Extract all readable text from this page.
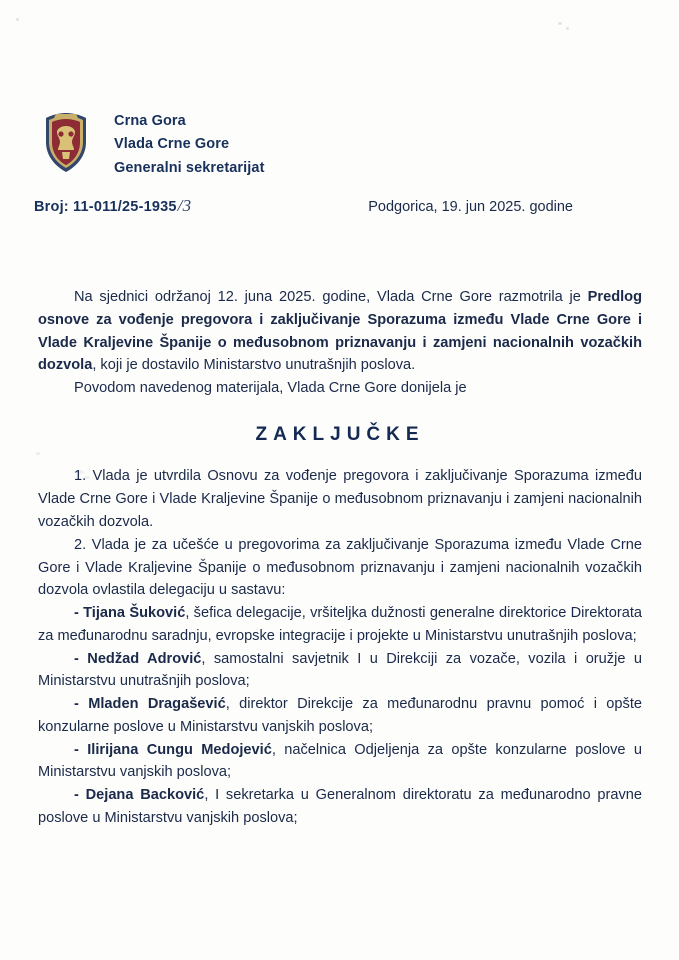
Crna Gora
Vlada Crne Gore
Generalni sekretarijat
Broj: 11-011/25-1935/3	Podgorica, 19. jun 2025. godine

Na sjednici održanoj 12. juna 2025. godine, Vlada Crne Gore razmotrila je Predlog osnove za vođenje pregovora i zaključivanje Sporazuma između Vlade Crne Gore i Vlade Kraljevine Španije o međusobnom priznavanju i zamjeni nacionalnih vozačkih dozvola, koji je dostavilo Ministarstvo unutrašnjih poslova.

Povodom navedenog materijala, Vlada Crne Gore donijela je

ZAKLJUČKE

1. Vlada je utvrdila Osnovu za vođenje pregovora i zaključivanje Sporazuma između Vlade Crne Gore i Vlade Kraljevine Španije o međusobnom priznavanju i zamjeni nacionalnih vozačkih dozvola.

2. Vlada je za učešće u pregovorima za zaključivanje Sporazuma između Vlade Crne Gore i Vlade Kraljevine Španije o međusobnom priznavanju i zamjeni nacionalnih vozačkih dozvola ovlastila delegaciju u sastavu:

- Tijana Šuković, šefica delegacije, vršiteljka dužnosti generalne direktorice Direktorata za međunarodnu saradnju, evropske integracije i projekte u Ministarstvu unutrašnjih poslova;

- Nedžad Adrović, samostalni savjetnik I u Direkciji za vozače, vozila i oružje u Ministarstvu unutrašnjih poslova;

- Mladen Dragašević, direktor Direkcije za međunarodnu pravnu pomoć i opšte konzularne poslove u Ministarstvu vanjskih poslova;

- Ilirijana Cungu Medojević, načelnica Odjeljenja za opšte konzularne poslove u Ministarstvu vanjskih poslova;

- Dejana Backović, I sekretarka u Generalnom direktoratu za međunarodno pravne poslove u Ministarstvu vanjskih poslova;
